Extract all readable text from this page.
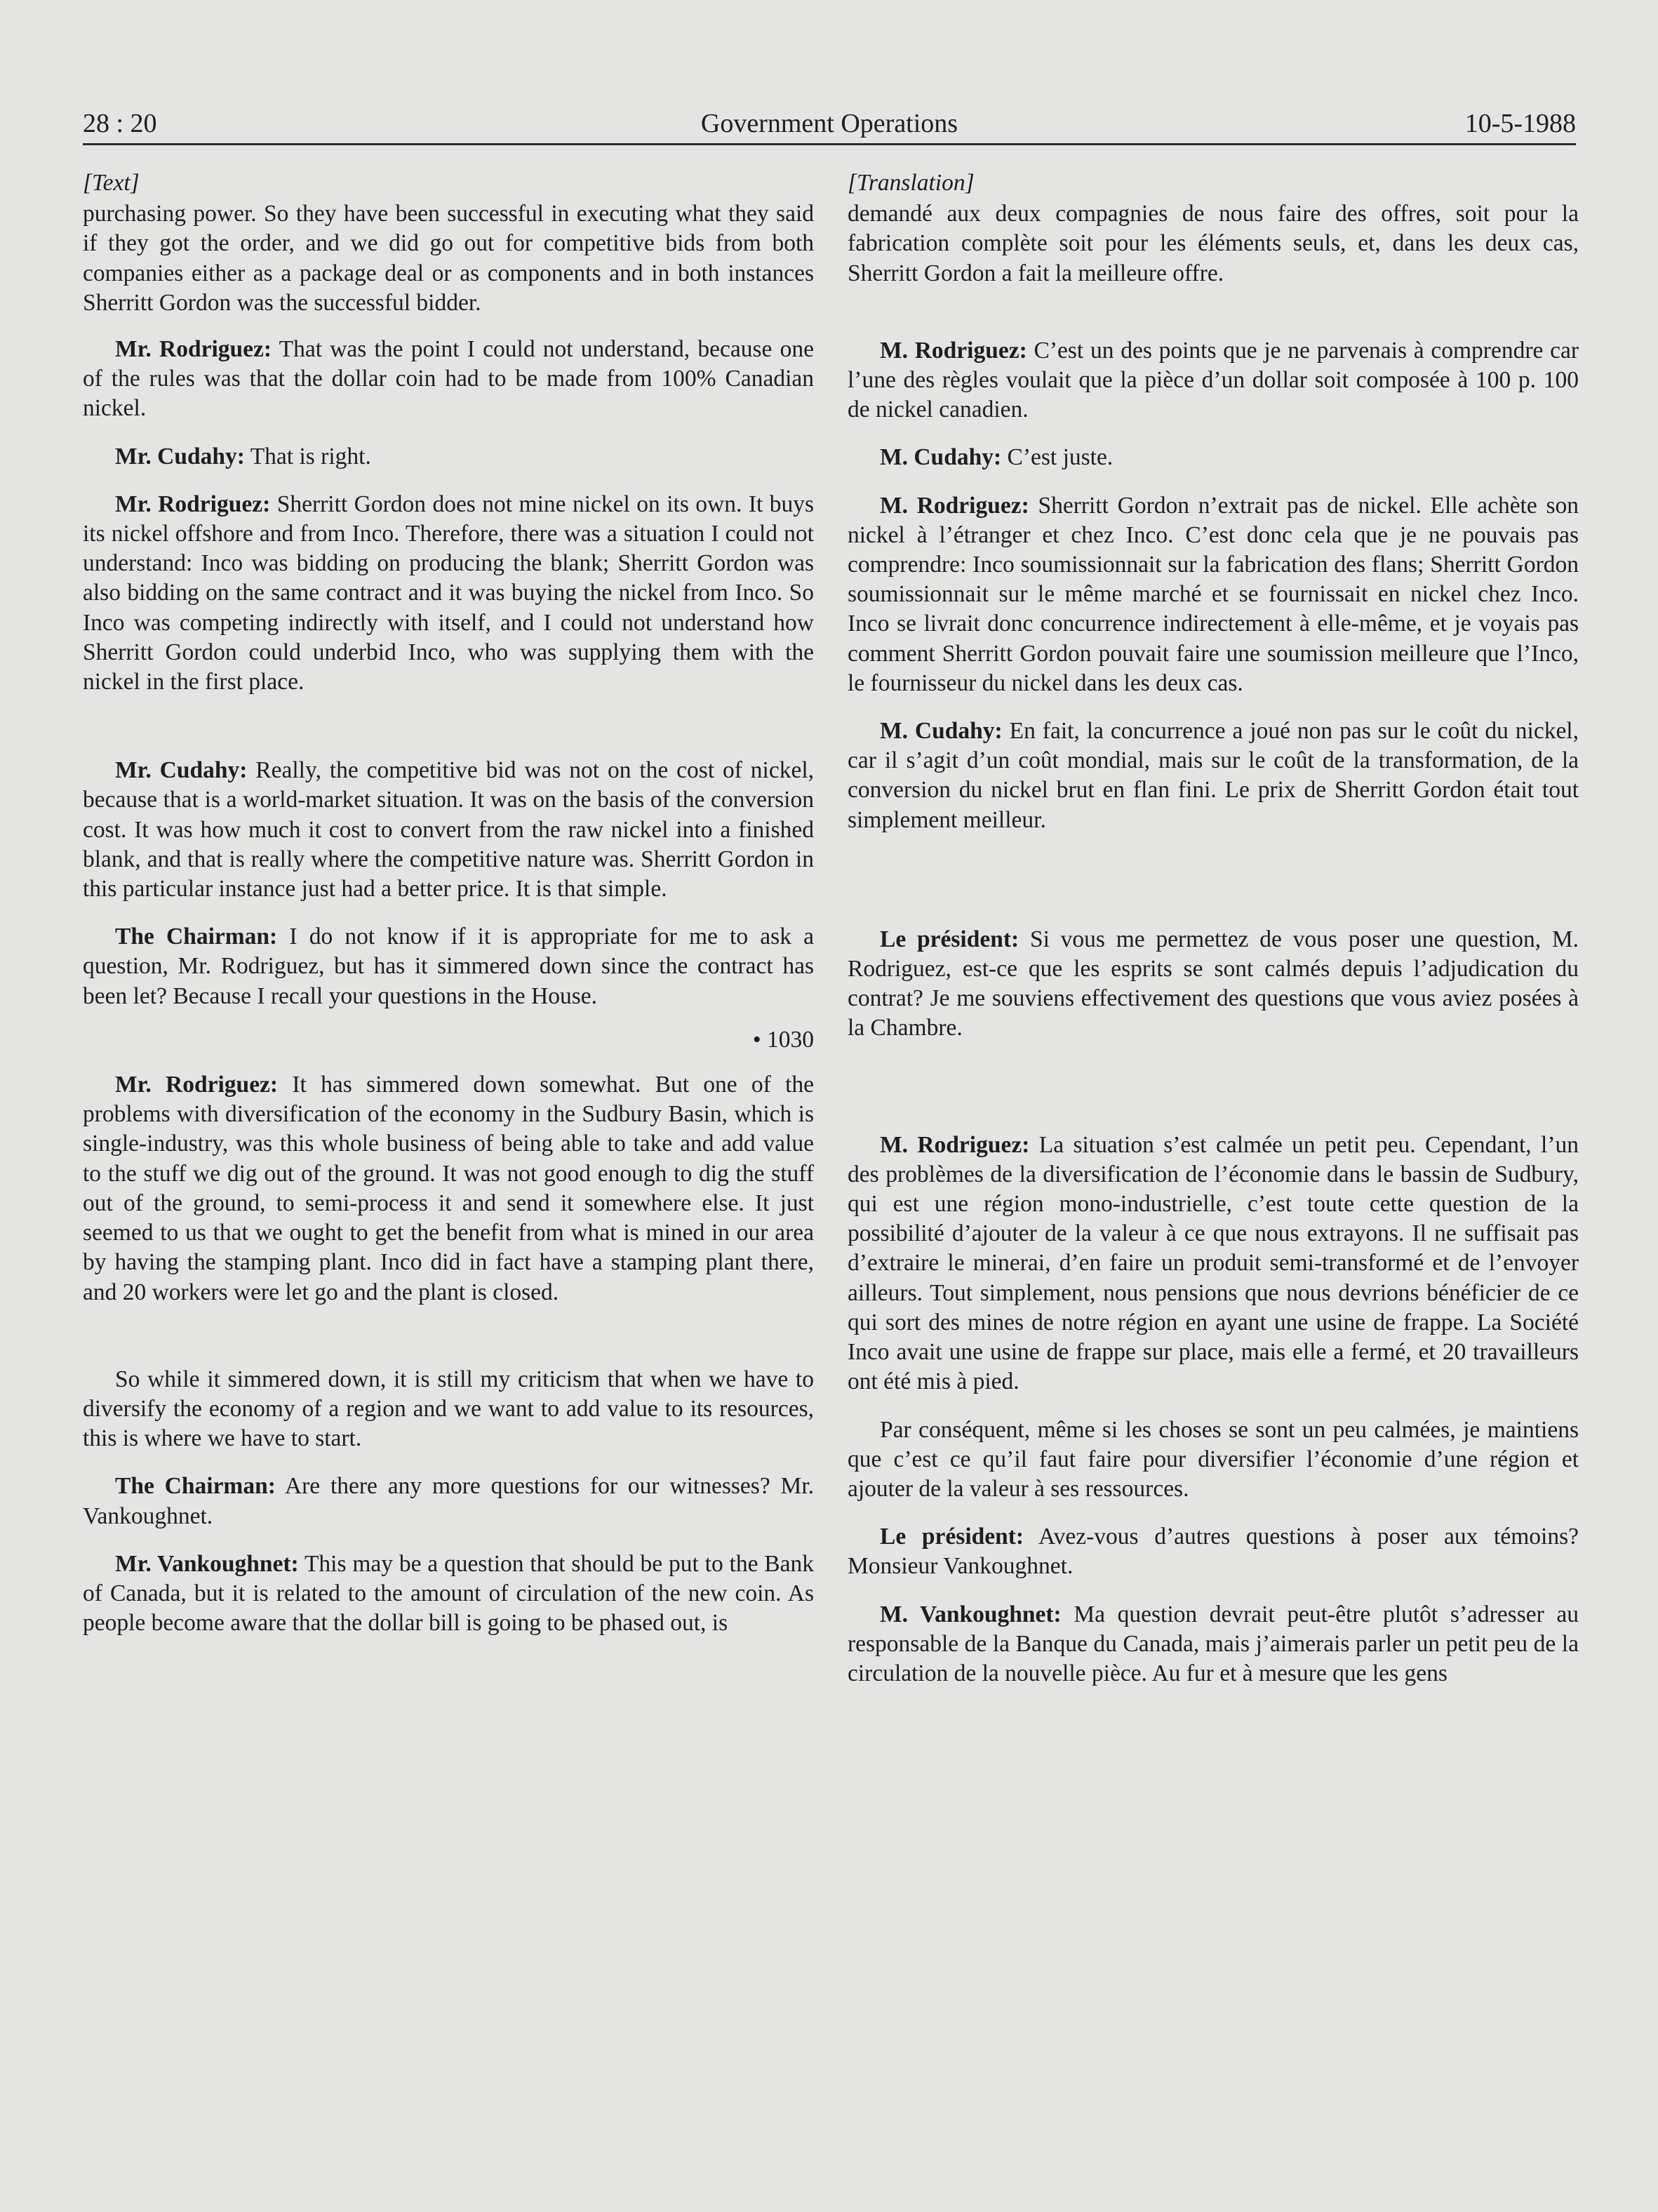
28 : 20	Government Operations	10-5-1988
[Text]

purchasing power. So they have been successful in executing what they said if they got the order, and we did go out for competitive bids from both companies either as a package deal or as components and in both instances Sherritt Gordon was the successful bidder.

Mr. Rodriguez: That was the point I could not understand, because one of the rules was that the dollar coin had to be made from 100% Canadian nickel.

Mr. Cudahy: That is right.

Mr. Rodriguez: Sherritt Gordon does not mine nickel on its own. It buys its nickel offshore and from Inco. Therefore, there was a situation I could not understand: Inco was bidding on producing the blank; Sherritt Gordon was also bidding on the same contract and it was buying the nickel from Inco. So Inco was competing indirectly with itself, and I could not understand how Sherritt Gordon could underbid Inco, who was supplying them with the nickel in the first place.

Mr. Cudahy: Really, the competitive bid was not on the cost of nickel, because that is a world-market situation. It was on the basis of the conversion cost. It was how much it cost to convert from the raw nickel into a finished blank, and that is really where the competitive nature was. Sherritt Gordon in this particular instance just had a better price. It is that simple.

The Chairman: I do not know if it is appropriate for me to ask a question, Mr. Rodriguez, but has it simmered down since the contract has been let? Because I recall your questions in the House.

• 1030

Mr. Rodriguez: It has simmered down somewhat. But one of the problems with diversification of the economy in the Sudbury Basin, which is single-industry, was this whole business of being able to take and add value to the stuff we dig out of the ground. It was not good enough to dig the stuff out of the ground, to semi-process it and send it somewhere else. It just seemed to us that we ought to get the benefit from what is mined in our area by having the stamping plant. Inco did in fact have a stamping plant there, and 20 workers were let go and the plant is closed.

So while it simmered down, it is still my criticism that when we have to diversify the economy of a region and we want to add value to its resources, this is where we have to start.

The Chairman: Are there any more questions for our witnesses? Mr. Vankoughnet.

Mr. Vankoughnet: This may be a question that should be put to the Bank of Canada, but it is related to the amount of circulation of the new coin. As people become aware that the dollar bill is going to be phased out, is

[Translation]

demandé aux deux compagnies de nous faire des offres, soit pour la fabrication complète soit pour les éléments seuls, et, dans les deux cas, Sherritt Gordon a fait la meilleure offre.

M. Rodriguez: C’est un des points que je ne parvenais à comprendre car l’une des règles voulait que la pièce d’un dollar soit composée à 100 p. 100 de nickel canadien.

M. Cudahy: C’est juste.

M. Rodriguez: Sherritt Gordon n’extrait pas de nickel. Elle achète son nickel à l’étranger et chez Inco. C’est donc cela que je ne pouvais pas comprendre: Inco soumissionnait sur la fabrication des flans; Sherritt Gordon soumissionnait sur le même marché et se fournissait en nickel chez Inco. Inco se livrait donc concurrence indirectement à elle-même, et je voyais pas comment Sherritt Gordon pouvait faire une soumission meilleure que l’Inco, le fournisseur du nickel dans les deux cas.

M. Cudahy: En fait, la concurrence a joué non pas sur le coût du nickel, car il s’agit d’un coût mondial, mais sur le coût de la transformation, de la conversion du nickel brut en flan fini. Le prix de Sherritt Gordon était tout simplement meilleur.

Le président: Si vous me permettez de vous poser une question, M. Rodriguez, est-ce que les esprits se sont calmés depuis l’adjudication du contrat? Je me souviens effectivement des questions que vous aviez posées à la Chambre.

M. Rodriguez: La situation s’est calmée un petit peu. Cependant, l’un des problèmes de la diversification de l’économie dans le bassin de Sudbury, qui est une région mono-industrielle, c’est toute cette question de la possibilité d’ajouter de la valeur à ce que nous extrayons. Il ne suffisait pas d’extraire le minerai, d’en faire un produit semi-transformé et de l’envoyer ailleurs. Tout simplement, nous pensions que nous devrions bénéficier de ce qui sort des mines de notre région en ayant une usine de frappe. La Société Inco avait une usine de frappe sur place, mais elle a fermé, et 20 travailleurs ont été mis à pied.

Par conséquent, même si les choses se sont un peu calmées, je maintiens que c’est ce qu’il faut faire pour diversifier l’économie d’une région et ajouter de la valeur à ses ressources.

Le président: Avez-vous d’autres questions à poser aux témoins? Monsieur Vankoughnet.

M. Vankoughnet: Ma question devrait peut-être plutôt s’adresser au responsable de la Banque du Canada, mais j’aimerais parler un petit peu de la circulation de la nouvelle pièce. Au fur et à mesure que les gens
